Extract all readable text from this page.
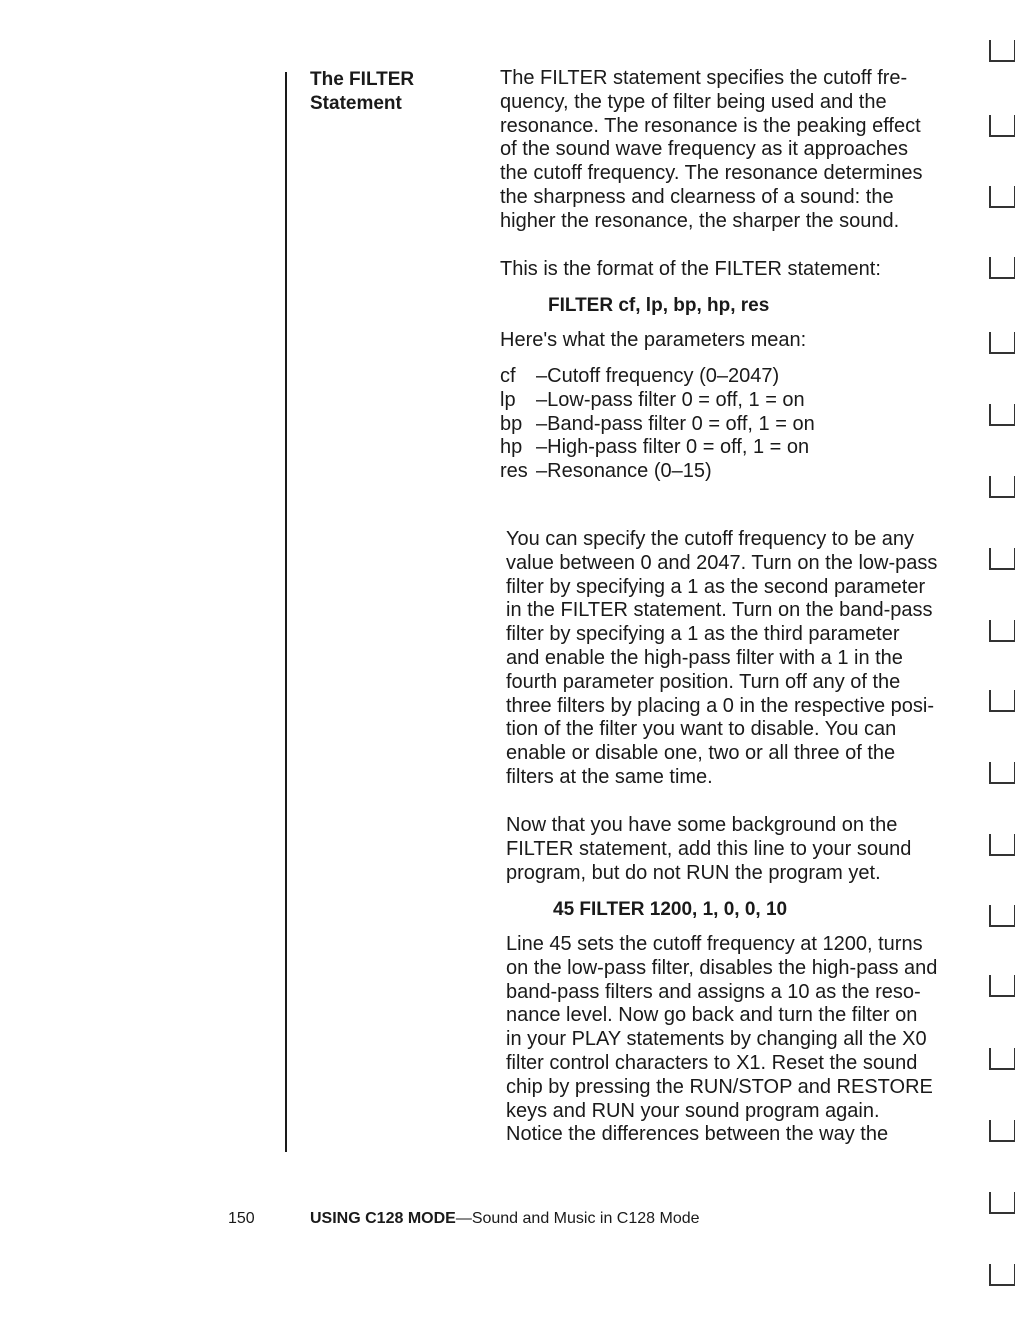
The FILTER
Statement
The FILTER statement specifies the cutoff fre-
quency, the type of filter being used and the
resonance. The resonance is the peaking effect
of the sound wave frequency as it approaches
the cutoff frequency. The resonance determines
the sharpness and clearness of a sound: the
higher the resonance, the sharper the sound.
This is the format of the FILTER statement:
FILTER cf, lp, bp, hp, res
Here's what the parameters mean:
cf	–Cutoff frequency (0–2047)
lp	–Low-pass filter 0 = off, 1 = on
bp –Band-pass filter 0 = off, 1 = on
hp –High-pass filter 0 = off, 1 = on
res –Resonance (0–15)
You can specify the cutoff frequency to be any
value between 0 and 2047. Turn on the low-pass
filter by specifying a 1 as the second parameter
in the FILTER statement. Turn on the band-pass
filter by specifying a 1 as the third parameter
and enable the high-pass filter with a 1 in the
fourth parameter position. Turn off any of the
three filters by placing a 0 in the respective posi-
tion of the filter you want to disable. You can
enable or disable one, two or all three of the
filters at the same time.
Now that you have some background on the
FILTER statement, add this line to your sound
program, but do not RUN the program yet.
45 FILTER 1200, 1, 0, 0, 10
Line 45 sets the cutoff frequency at 1200, turns
on the low-pass filter, disables the high-pass and
band-pass filters and assigns a 10 as the reso-
nance level. Now go back and turn the filter on
in your PLAY statements by changing all the X0
filter control characters to X1. Reset the sound
chip by pressing the RUN/STOP and RESTORE
keys and RUN your sound program again.
Notice the differences between the way the
150	USING C128 MODE—Sound and Music in C128 Mode
